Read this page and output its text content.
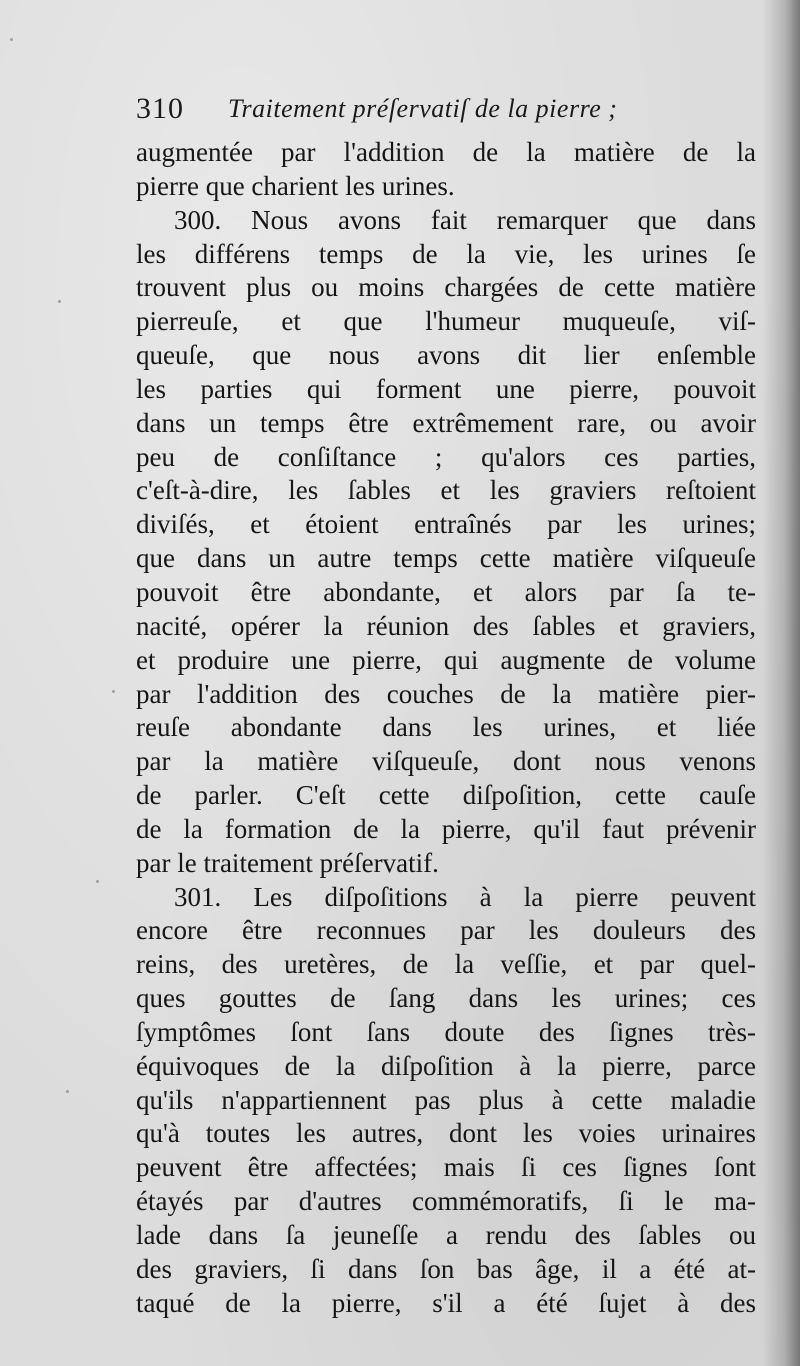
310 Traitement préſervatiſ de la pierre ;
augmentée par l'addition de la matière de la
pierre que charient les urines.
300. Nous avons fait remarquer que dans
les différens temps de la vie, les urines ſe
trouvent plus ou moins chargées de cette matière
pierreuſe, et que l'humeur muqueuſe, viſ-
queuſe, que nous avons dit lier enſemble
les parties qui forment une pierre, pouvoit
dans un temps être extrêmement rare, ou avoir
peu de conſiſtance ; qu'alors ces parties,
c'eſt-à-dire, les ſables et les graviers reſtoient
diviſés, et étoient entraînés par les urines;
que dans un autre temps cette matière viſqueuſe
pouvoit être abondante, et alors par ſa te-
nacité, opérer la réunion des ſables et graviers,
et produire une pierre, qui augmente de volume
par l'addition des couches de la matière pier-
reuſe abondante dans les urines, et liée
par la matière viſqueuſe, dont nous venons
de parler. C'eſt cette diſpoſition, cette cauſe
de la formation de la pierre, qu'il faut prévenir
par le traitement préſervatif.
301. Les diſpoſitions à la pierre peuvent
encore être reconnues par les douleurs des
reins, des uretères, de la veſſie, et par quel-
ques gouttes de ſang dans les urines; ces
ſymptômes ſont ſans doute des ſignes très-
équivoques de la diſpoſition à la pierre, parce
qu'ils n'appartiennent pas plus à cette maladie
qu'à toutes les autres, dont les voies urinaires
peuvent être affectées; mais ſi ces ſignes ſont
étayés par d'autres commémoratifs, ſi le ma-
lade dans ſa jeuneſſe a rendu des ſables ou
des graviers, ſi dans ſon bas âge, il a été at-
taqué de la pierre, s'il a été ſujet à des
